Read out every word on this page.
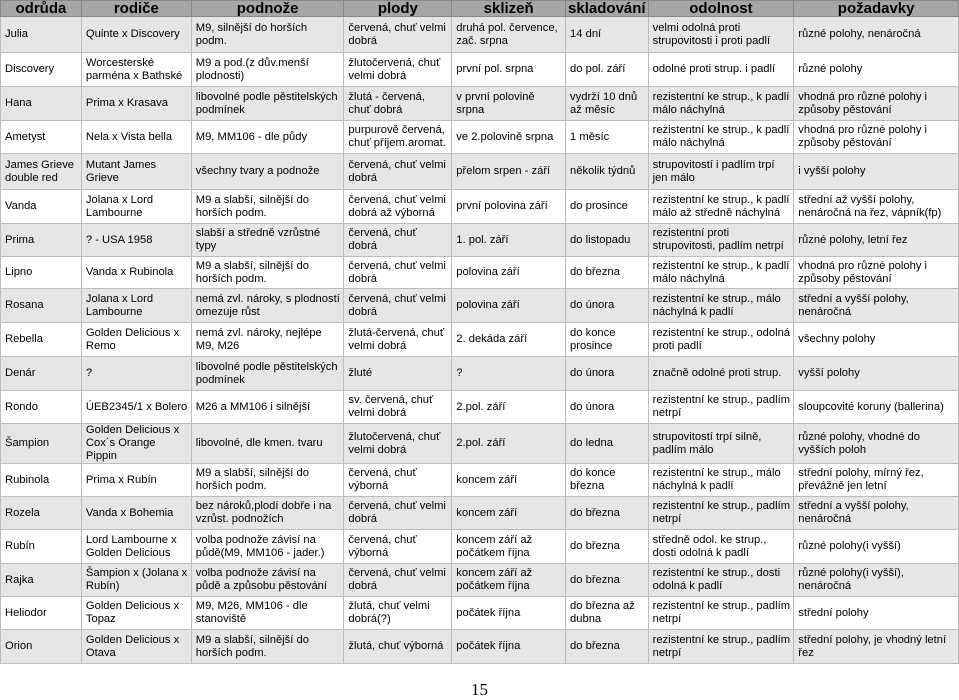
odrůda	rodiče	podnože	plody	sklizeň	skladování	odolnost	požadavky
Julia	Quinte x Discovery	M9, silnější do horších podm.	červená, chuť velmi dobrá	druhá pol. července, zač. srpna	14 dní	velmi odolná proti strupovitosti i proti padlí	různé polohy, nenáročná
Discovery	Worcesterské parména x Bathské	M9 a pod.(z dův.menší plodnosti)	žlutočervená, chuť velmi dobrá	první pol. srpna	do pol. září	odolné proti strup. i padlí	různé polohy
Hana	Prima x Krasava	libovolné podle pěstitelských podmínek	žlutá - červená, chuť dobrá	v první polovině srpna	vydrží 10 dnů až měsíc	rezistentní ke strup., k padlí málo náchylná	vhodná pro různé polohy i způsoby pěstování
Ametyst	Nela x Vista bella	M9, MM106 - dle půdy	purpurově červená, chuť příjem.aromat.	ve 2.polovině srpna	1 měsíc	rezistentní ke strup., k padlí málo náchylná	vhodná pro různé polohy i způsoby pěstování
James Grieve double red	Mutant James Grieve	všechny tvary a podnože	červená, chuť velmi dobrá	přelom srpen - září	několik týdnů	strupovitostí i padlím trpí jen málo	i vyšší polohy
Vanda	Jolana x Lord Lambourne	M9 a slabší, silnější do horších podm.	červená, chuť velmi dobrá až výborná	první polovina září	do prosince	rezistentní ke strup., k padlí málo až středně náchylná	střední až vyšší polohy, nenáročná na řez, vápník(fp)
Prima	? - USA 1958	slabší a středně vzrůstné typy	červená, chuť dobrá	1. pol. září	do listopadu	rezistentní proti strupovitosti, padlím netrpí	různé polohy, letní řez
Lipno	Vanda x Rubinola	M9 a slabší, silnější do horších podm.	červená, chuť velmi dobrá	polovina září	do března	rezistentní ke strup., k padlí málo náchylná	vhodná pro různé polohy i způsoby pěstování
Rosana	Jolana x Lord Lambourne	nemá zvl. nároky, s plodností omezuje růst	červená, chuť velmi dobrá	polovina září	do února	rezistentní ke strup., málo náchylná k padlí	střední a vyšší polohy, nenáročná
Rebella	Golden Delicious x Remo	nemá zvl. nároky, nejlépe M9, M26	žlutá-červená, chuť velmi dobrá	2. dekáda září	do konce prosince	rezistentní ke strup., odolná proti padlí	všechny polohy
Denár	?	libovolné podle pěstitelských podmínek	žluté	?	do února	značně odolné proti strup.	vyšší polohy
Rondo	ÚEB2345/1 x Bolero	M26 a MM106 i silnější	sv. červená, chuť velmi dobrá	2.pol. září	do února	rezistentní ke strup., padlím netrpí	sloupcovité koruny (ballerina)
Šampion	Golden Delicious x Cox´s Orange Pippin	libovolné, dle kmen. tvaru	žlutočervená, chuť velmi dobrá	2.pol. září	do ledna	strupovitostí trpí silně, padlím málo	různé polohy, vhodné do vyšších poloh
Rubinola	Prima x Rubín	M9 a slabší, silnější do horších podm.	červená, chuť výborná	koncem září	do konce března	rezistentní ke strup., málo náchylná k padlí	střední polohy, mírný řez, převážně jen letní
Rozela	Vanda x Bohemia	bez nároků,plodí dobře i na vzrůst. podnožích	červená, chuť velmi dobrá	koncem září	do března	rezistentní ke strup., padlím netrpí	střední a vyšší polohy, nenáročná
Rubín	Lord Lambourne x Golden Delicious	volba podnože závisí na půdě(M9, MM106 - jader.)	červená, chuť výborná	koncem září až počátkem října	do března	středně odol. ke strup., dosti odolná k padlí	různé polohy(i vyšší)
Rajka	Šampion x (Jolana x Rubín)	volba podnože závisí na půdě a způsobu pěstování	červená, chuť velmi dobrá	koncem září až počátkem října	do března	rezistentní ke strup., dosti odolná k padlí	různé polohy(i vyšší), nenáročná
Heliodor	Golden Delicious x Topaz	M9, M26, MM106 - dle stanoviště	žlutá, chuť velmi dobrá(?)	počátek října	do března až dubna	rezistentní ke strup., padlím netrpí	střední polohy
Orion	Golden Delicious x Otava	M9 a slabší, silnější do horších podm.	žlutá, chuť výborná	počátek října	do března	rezistentní ke strup., padlím netrpí	střední polohy, je vhodný letní řez
15
